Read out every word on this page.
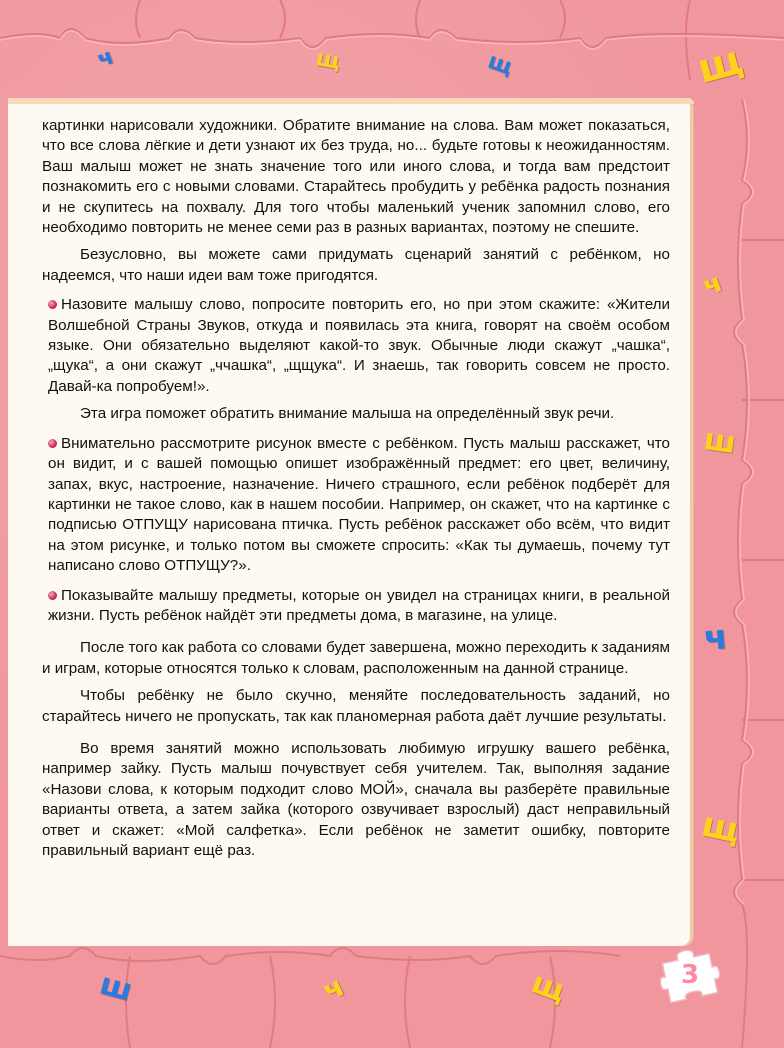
ч	щ	щ	щ
ч
ш
ч
щ
ш	ч	щ

картинки нарисовали художники. Обратите внимание на слова. Вам может показаться, что все слова лёгкие и дети узнают их без труда, но... будьте готовы к неожиданностям. Ваш малыш может не знать значение того или иного слова, и тогда вам предстоит познакомить его с новыми словами. Старайтесь пробудить у ребёнка радость познания и не скупитесь на похвалу. Для того чтобы маленький ученик запомнил слово, его необходимо повторить не менее семи раз в разных вариантах, поэтому не спешите.

Безусловно, вы можете сами придумать сценарий занятий с ребёнком, но надеемся, что наши идеи вам тоже пригодятся.

Назовите малышу слово, попросите повторить его, но при этом скажите: «Жители Волшебной Страны Звуков, откуда и появилась эта книга, говорят на своём особом языке. Они обязательно выделяют какой-то звук. Обычные люди скажут „чашка“, „щука“, а они скажут „ччашка“, „щщука“. И знаешь, так говорить совсем не просто. Давай-ка попробуем!».

Эта игра поможет обратить внимание малыша на определённый звук речи.

Внимательно рассмотрите рисунок вместе с ребёнком. Пусть малыш расскажет, что он видит, и с вашей помощью опишет изображённый предмет: его цвет, величину, запах, вкус, настроение, назначение. Ничего страшного, если ребёнок подберёт для картинки не такое слово, как в нашем пособии. Например, он скажет, что на картинке с подписью ОТПУЩУ нарисована птичка. Пусть ребёнок расскажет обо всём, что видит на этом рисунке, и только потом вы сможете спросить: «Как ты думаешь, почему тут написано слово ОТПУЩУ?».

Показывайте малышу предметы, которые он увидел на страницах книги, в реальной жизни. Пусть ребёнок найдёт эти предметы дома, в магазине, на улице.

После того как работа со словами будет завершена, можно переходить к заданиям и играм, которые относятся только к словам, расположенным на данной странице.

Чтобы ребёнку не было скучно, меняйте последовательность заданий, но старайтесь ничего не пропускать, так как планомерная работа даёт лучшие результаты.

Во время занятий можно использовать любимую игрушку вашего ребёнка, например зайку. Пусть малыш почувствует себя учителем. Так, выполняя задание «Назови слова, к которым подходит слово МОЙ», сначала вы разберёте правильные варианты ответа, а затем зайка (которого озвучивает взрослый) даст неправильный ответ и скажет: «Мой салфетка». Если ребёнок не заметит ошибку, повторите правильный вариант ещё раз.

3
